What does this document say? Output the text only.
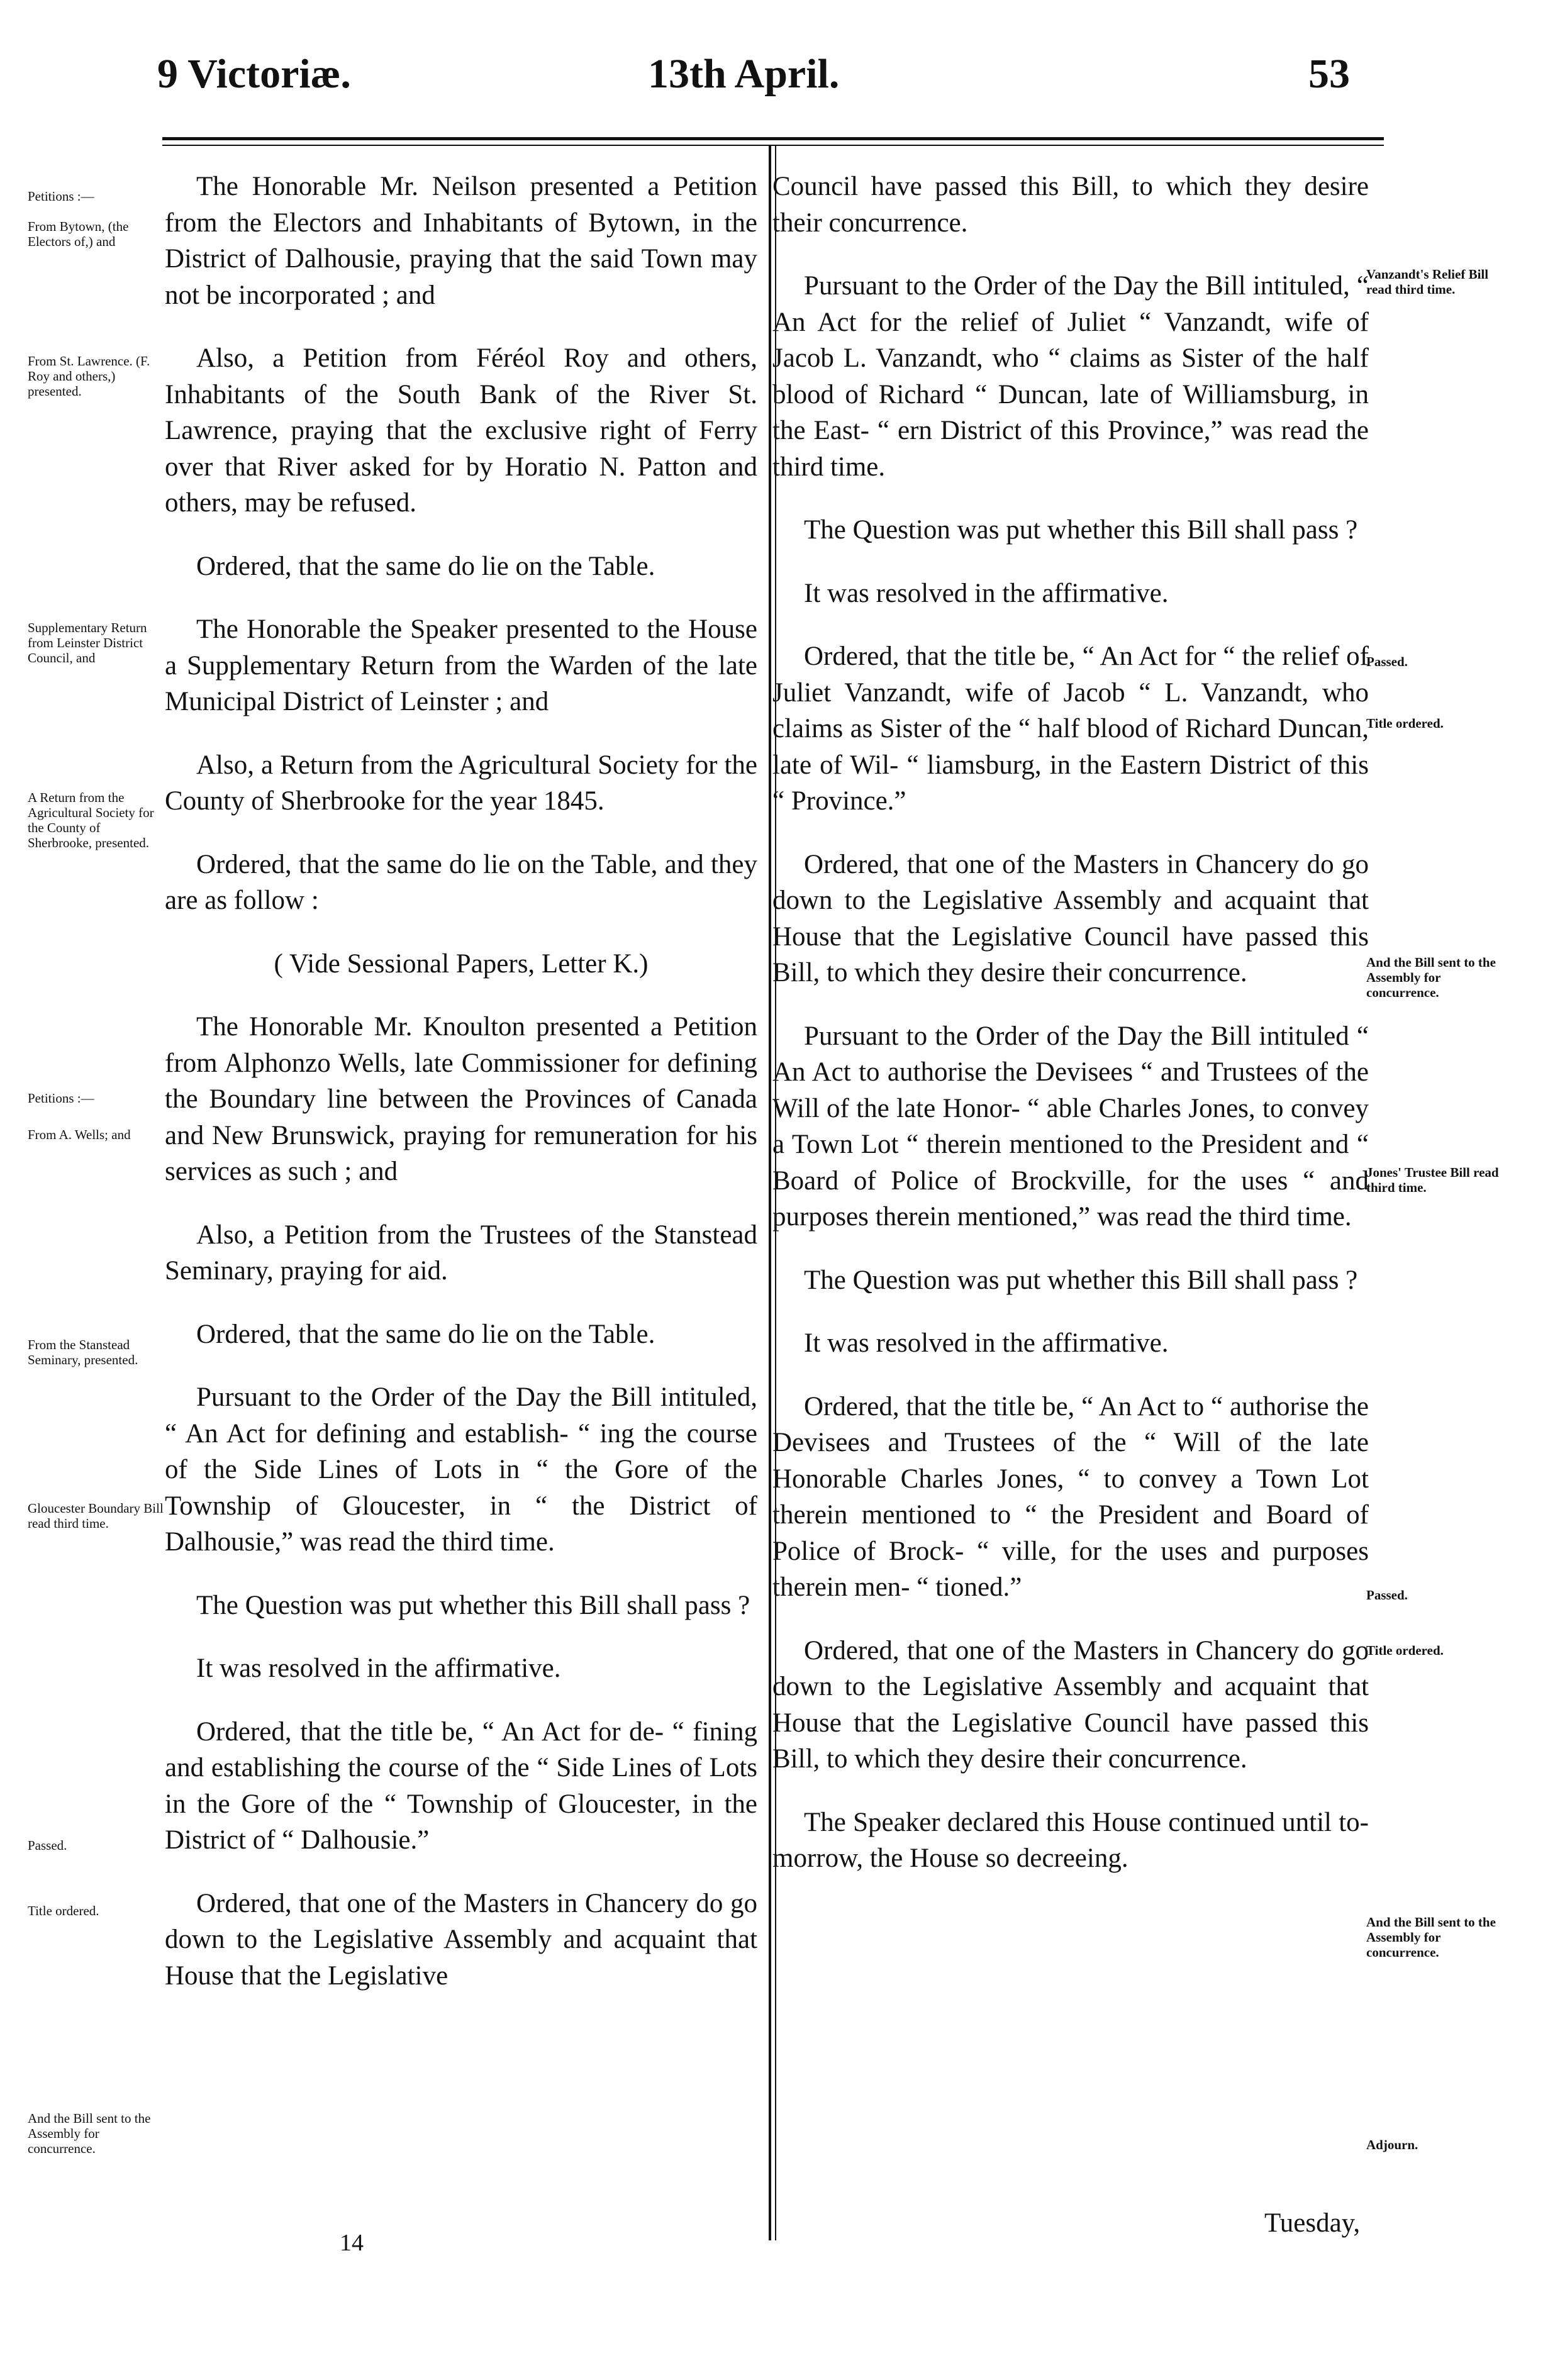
9 Victoriæ.	13th April.	53
Petitions :—
From Bytown, (the Electors of,) and
From St. Lawrence. (F. Roy and others,) presented.
Supplementary Return from Leinster District Council, and
A Return from the Agricultural Society for the County of Sherbrooke, presented.
Petitions :—
From A. Wells; and
From the Stanstead Seminary, presented.
Gloucester Boundary Bill read third time.
Passed.
Title ordered.
And the Bill sent to the Assembly for concurrence.
Vanzandt's Relief Bill read third time.
Passed.
Title ordered.
And the Bill sent to the Assembly for concurrence.
Jones' Trustee Bill read third time.
Passed.
Title ordered.
And the Bill sent to the Assembly for concurrence.
Adjourn.

The Honorable Mr. Neilson presented a Petition from the Electors and Inhabitants of Bytown, in the District of Dalhousie, praying that the said Town may not be incorporated ; and

Also, a Petition from Féréol Roy and others, Inhabitants of the South Bank of the River St. Lawrence, praying that the exclusive right of Ferry over that River asked for by Horatio N. Patton and others, may be refused.

Ordered, that the same do lie on the Table.

The Honorable the Speaker presented to the House a Supplementary Return from the Warden of the late Municipal District of Leinster ; and

Also, a Return from the Agricultural Society for the County of Sherbrooke for the year 1845.

Ordered, that the same do lie on the Table, and they are as follow :

( Vide Sessional Papers, Letter K.)

The Honorable Mr. Knoulton presented a Petition from Alphonzo Wells, late Commissioner for defining the Boundary line between the Provinces of Canada and New Brunswick, praying for remuneration for his services as such ; and

Also, a Petition from the Trustees of the Stanstead Seminary, praying for aid.

Ordered, that the same do lie on the Table.

Pursuant to the Order of the Day the Bill intituled, “ An Act for defining and establish- “ ing the course of the Side Lines of Lots in “ the Gore of the Township of Gloucester, in “ the District of Dalhousie,” was read the third time.

The Question was put whether this Bill shall pass ?

It was resolved in the affirmative.

Ordered, that the title be, “ An Act for de- “ fining and establishing the course of the “ Side Lines of Lots in the Gore of the “ Township of Gloucester, in the District of “ Dalhousie.”

Ordered, that one of the Masters in Chancery do go down to the Legislative Assembly and acquaint that House that the Legislative

Council have passed this Bill, to which they desire their concurrence.

Pursuant to the Order of the Day the Bill intituled, “ An Act for the relief of Juliet “ Vanzandt, wife of Jacob L. Vanzandt, who “ claims as Sister of the half blood of Richard “ Duncan, late of Williamsburg, in the East- “ ern District of this Province,” was read the third time.

The Question was put whether this Bill shall pass ?

It was resolved in the affirmative.

Ordered, that the title be, “ An Act for “ the relief of Juliet Vanzandt, wife of Jacob “ L. Vanzandt, who claims as Sister of the “ half blood of Richard Duncan, late of Wil- “ liamsburg, in the Eastern District of this “ Province.”

Ordered, that one of the Masters in Chancery do go down to the Legislative Assembly and acquaint that House that the Legislative Council have passed this Bill, to which they desire their concurrence.

Pursuant to the Order of the Day the Bill intituled “ An Act to authorise the Devisees “ and Trustees of the Will of the late Honor- “ able Charles Jones, to convey a Town Lot “ therein mentioned to the President and “ Board of Police of Brockville, for the uses “ and purposes therein mentioned,” was read the third time.

The Question was put whether this Bill shall pass ?

It was resolved in the affirmative.

Ordered, that the title be, “ An Act to “ authorise the Devisees and Trustees of the “ Will of the late Honorable Charles Jones, “ to convey a Town Lot therein mentioned to “ the President and Board of Police of Brock- “ ville, for the uses and purposes therein men- “ tioned.”

Ordered, that one of the Masters in Chancery do go down to the Legislative Assembly and acquaint that House that the Legislative Council have passed this Bill, to which they desire their concurrence.

The Speaker declared this House continued until to-morrow, the House so decreeing.

14
Tuesday,
